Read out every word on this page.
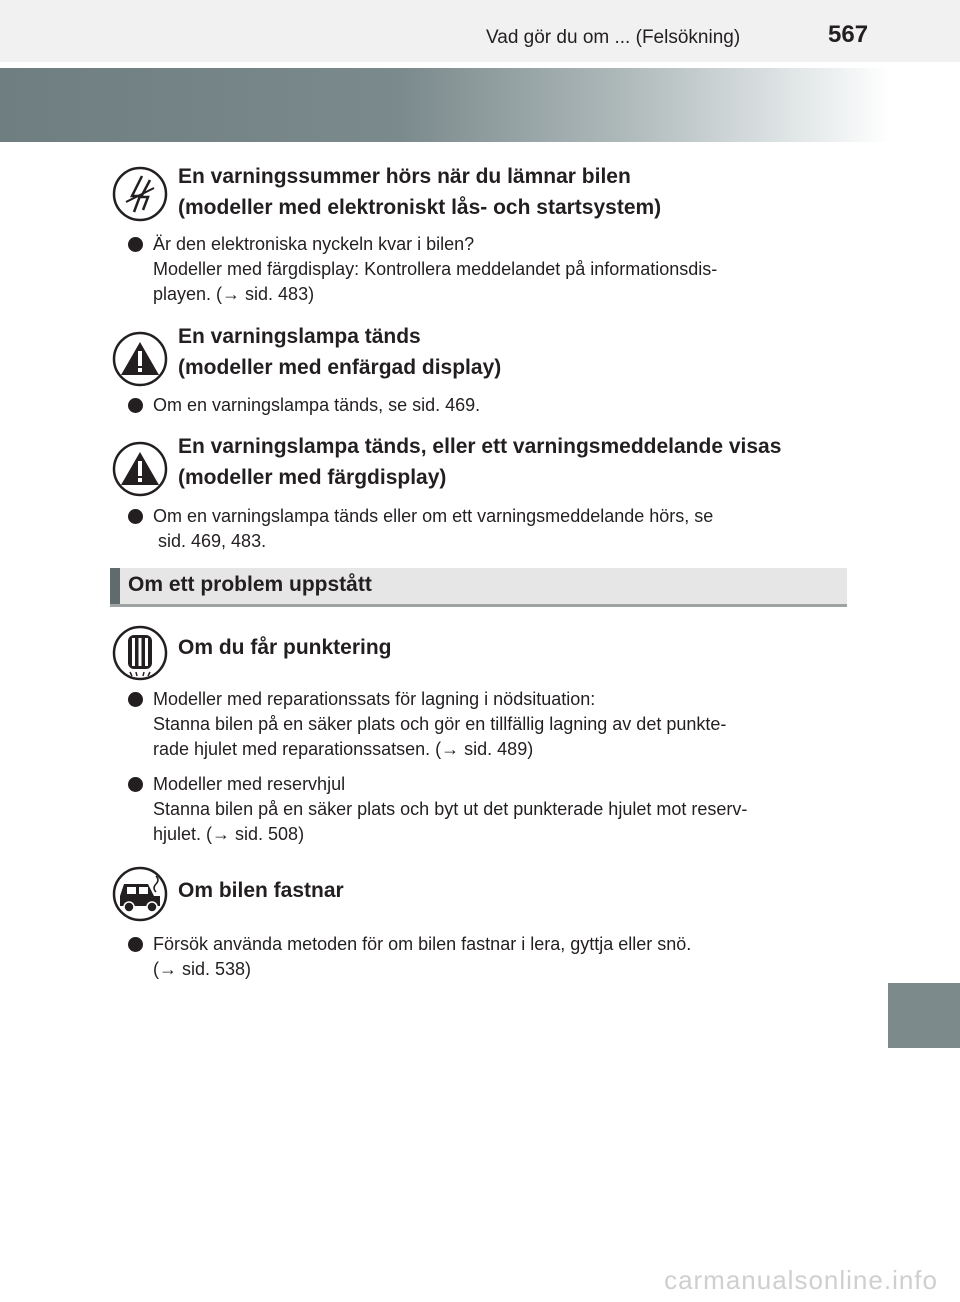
Vad gör du om ... (Felsökning)	567
En varningssummer hörs när du lämnar bilen
(modeller med elektroniskt lås- och startsystem)
Är den elektroniska nyckeln kvar i bilen?
Modeller med färgdisplay: Kontrollera meddelandet på informationsdis-
playen. (→ sid. 483)
En varningslampa tänds
(modeller med enfärgad display)
Om en varningslampa tänds, se sid. 469.
En varningslampa tänds, eller ett varningsmeddelande visas
(modeller med färgdisplay)
Om en varningslampa tänds eller om ett varningsmeddelande hörs, se
sid. 469, 483.
Om ett problem uppstått
Om du får punktering
Modeller med reparationssats för lagning i nödsituation:
Stanna bilen på en säker plats och gör en tillfällig lagning av det punkte-
rade hjulet med reparationssatsen. (→ sid. 489)
Modeller med reservhjul
Stanna bilen på en säker plats och byt ut det punkterade hjulet mot reserv-
hjulet. (→ sid. 508)
Om bilen fastnar
Försök använda metoden för om bilen fastnar i lera, gyttja eller snö.
(→ sid. 538)
carmanualsonline.info
